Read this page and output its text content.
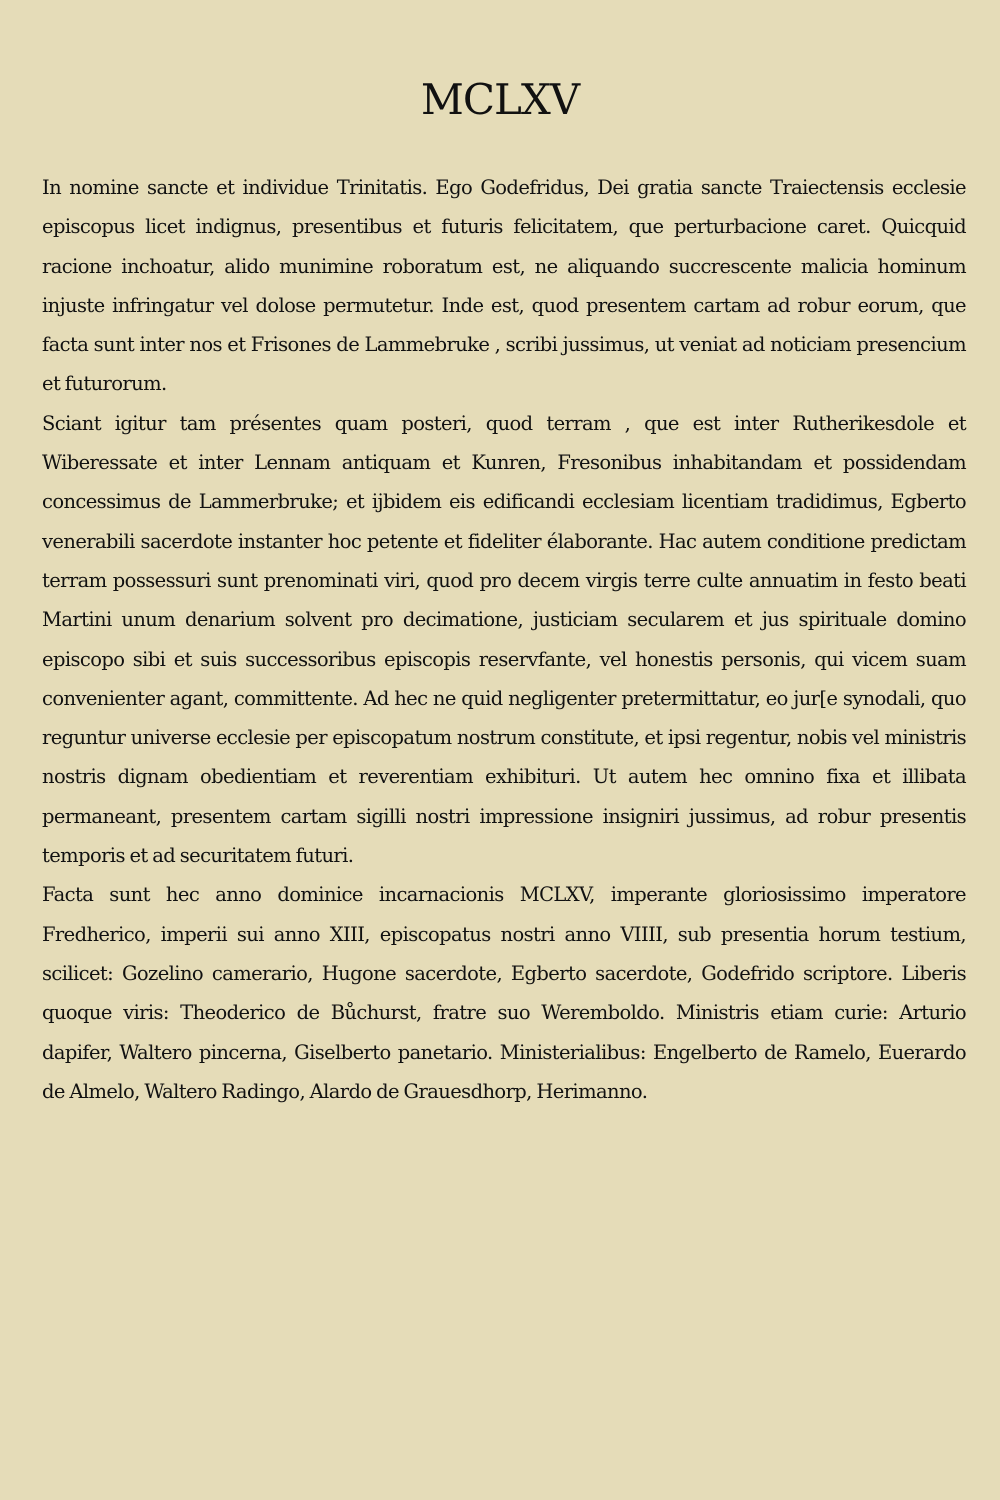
MCLXV

In nomine sancte et individue Trinitatis. Ego Godefridus, Dei gratia sancte Traiectensis ecclesie episcopus licet indignus, presentibus et futuris felicitatem, que perturbacione caret. Quicquid racione inchoatur, alido munimine roboratum est, ne aliquando succrescente malicia hominum injuste infringatur vel dolose permutetur. Inde est, quod presentem cartam ad robur eorum, que facta sunt inter nos et Frisones de Lammebruke , scribi jussimus, ut veniat ad noticiam presencium et futurorum.

Sciant igitur tam présentes quam posteri, quod terram , que est inter Rutherikesdole et Wiberessate et inter Lennam antiquam et Kunren, Fresonibus inhabitandam et possidendam concessimus de Lammerbruke; et ijbidem eis edificandi ecclesiam licentiam tradidimus, Egberto venerabili sacerdote instanter hoc petente et fideliter élaborante. Hac autem conditione predictam terram possessuri sunt prenominati viri, quod pro decem virgis terre culte annuatim in festo beati Martini unum denarium solvent pro decimatione, justiciam secularem et jus spirituale domino episcopo sibi et suis successoribus episcopis reservfante, vel honestis personis, qui vicem suam convenienter agant, committente. Ad hec ne quid negligenter pretermittatur, eo jur[e synodali, quo reguntur universe ecclesie per episcopatum nostrum constitute, et ipsi regentur, nobis vel ministris nostris dignam obedientiam et reverentiam exhibituri. Ut autem hec omnino fixa et illibata permaneant, presentem cartam sigilli nostri impressione insigniri jussimus, ad robur presentis temporis et ad securitatem futuri.

Facta sunt hec anno dominice incarnacionis MCLXV, imperante gloriosissimo imperatore Fredherico, imperii sui anno XIII, episcopatus nostri anno VIIII, sub presentia horum testium, scilicet: Gozelino camerario, Hugone sacerdote, Egberto sacerdote, Godefrido scriptore. Liberis quoque viris: Theoderico de Bůchurst, fratre suo Weremboldo. Ministris etiam curie: Arturio dapifer, Waltero pincerna, Giselberto panetario. Ministerialibus: Engelberto de Ramelo, Euerardo de Almelo, Waltero Radingo, Alardo de Grauesdhorp, Herimanno.
